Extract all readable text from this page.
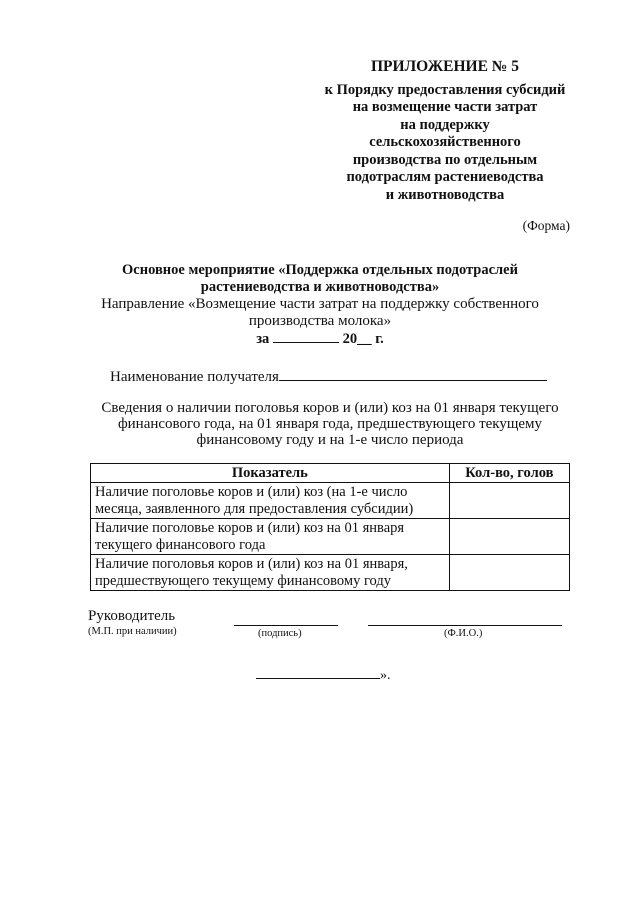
ПРИЛОЖЕНИЕ № 5
к Порядку предоставления субсидий
на возмещение части затрат
на поддержку
сельскохозяйственного
производства по отдельным
подотраслям растениеводства
и животноводства
(Форма)
Основное мероприятие «Поддержка отдельных подотраслей
растениеводства и животноводства»
Направление «Возмещение части затрат на поддержку собственного
производства молока»
за	20__ г.
Наименование получателя
Сведения о наличии поголовья коров и (или) коз на 01 января текущего
финансового года, на 01 января года, предшествующего текущему
финансовому году и на 1-е число периода
Показатель	Кол-во, голов
Наличие поголовье коров и (или) коз (на 1-е число месяца, заявленного для предоставления субсидии)	
Наличие поголовье коров и (или) коз на 01 января текущего финансового года	
Наличие поголовья коров и (или) коз на 01 января, предшествующего текущему финансовому году	
Руководитель
(М.П. при наличии)	(подпись)	(Ф.И.О.)
».
